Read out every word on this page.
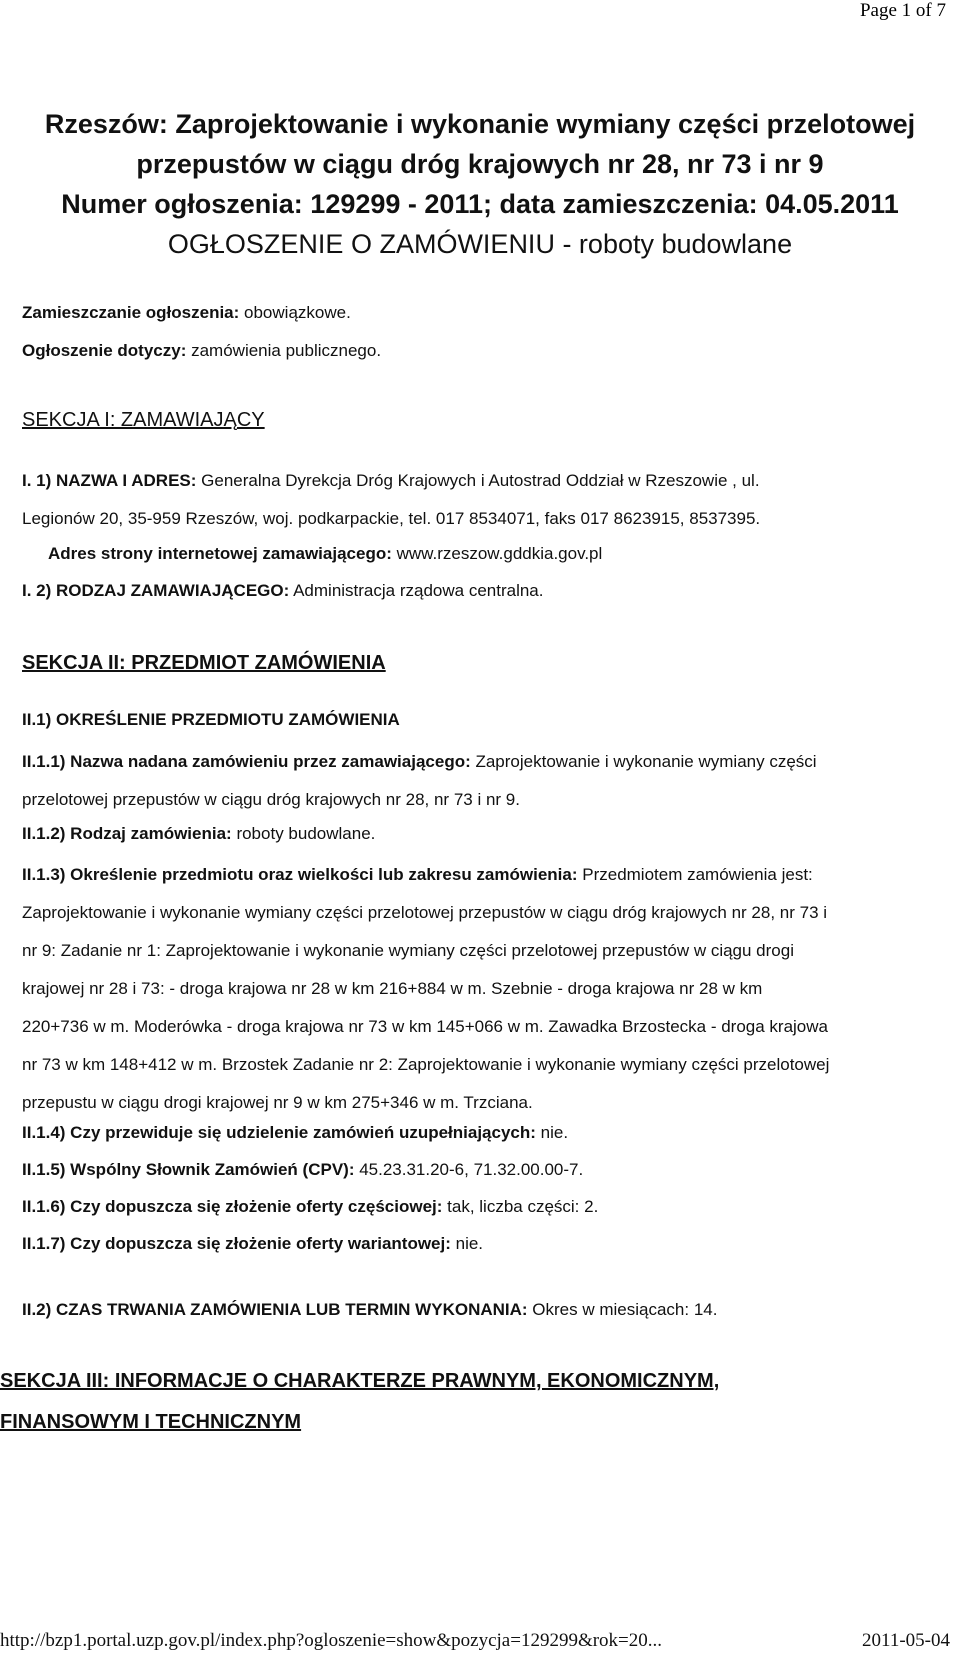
Page 1 of 7
Rzeszów: Zaprojektowanie i wykonanie wymiany części przelotowej
przepustów w ciągu dróg krajowych nr 28, nr 73 i nr 9
Numer ogłoszenia: 129299 - 2011; data zamieszczenia: 04.05.2011
OGŁOSZENIE O ZAMÓWIENIU - roboty budowlane
Zamieszczanie ogłoszenia: obowiązkowe.
Ogłoszenie dotyczy: zamówienia publicznego.
SEKCJA I: ZAMAWIAJĄCY
I. 1) NAZWA I ADRES: Generalna Dyrekcja Dróg Krajowych i Autostrad Oddział w Rzeszowie , ul.
Legionów 20, 35-959 Rzeszów, woj. podkarpackie, tel. 017 8534071, faks 017 8623915, 8537395.
Adres strony internetowej zamawiającego: www.rzeszow.gddkia.gov.pl
I. 2) RODZAJ ZAMAWIAJĄCEGO: Administracja rządowa centralna.
SEKCJA II: PRZEDMIOT ZAMÓWIENIA
II.1) OKREŚLENIE PRZEDMIOTU ZAMÓWIENIA
II.1.1) Nazwa nadana zamówieniu przez zamawiającego: Zaprojektowanie i wykonanie wymiany części
przelotowej przepustów w ciągu dróg krajowych nr 28, nr 73 i nr 9.
II.1.2) Rodzaj zamówienia: roboty budowlane.
II.1.3) Określenie przedmiotu oraz wielkości lub zakresu zamówienia: Przedmiotem zamówienia jest:
Zaprojektowanie i wykonanie wymiany części przelotowej przepustów w ciągu dróg krajowych nr 28, nr 73 i
nr 9: Zadanie nr 1: Zaprojektowanie i wykonanie wymiany części przelotowej przepustów w ciągu drogi
krajowej nr 28 i 73: - droga krajowa nr 28 w km 216+884 w m. Szebnie - droga krajowa nr 28 w km
220+736 w m. Moderówka - droga krajowa nr 73 w km 145+066 w m. Zawadka Brzostecka - droga krajowa
nr 73 w km 148+412 w m. Brzostek Zadanie nr 2: Zaprojektowanie i wykonanie wymiany części przelotowej
przepustu w ciągu drogi krajowej nr 9 w km 275+346 w m. Trzciana.
II.1.4) Czy przewiduje się udzielenie zamówień uzupełniających: nie.
II.1.5) Wspólny Słownik Zamówień (CPV): 45.23.31.20-6, 71.32.00.00-7.
II.1.6) Czy dopuszcza się złożenie oferty częściowej: tak, liczba części: 2.
II.1.7) Czy dopuszcza się złożenie oferty wariantowej: nie.
II.2) CZAS TRWANIA ZAMÓWIENIA LUB TERMIN WYKONANIA: Okres w miesiącach: 14.
SEKCJA III: INFORMACJE O CHARAKTERZE PRAWNYM, EKONOMICZNYM,
FINANSOWYM I TECHNICZNYM
http://bzp1.portal.uzp.gov.pl/index.php?ogloszenie=show&pozycja=129299&rok=20...	2011-05-04
